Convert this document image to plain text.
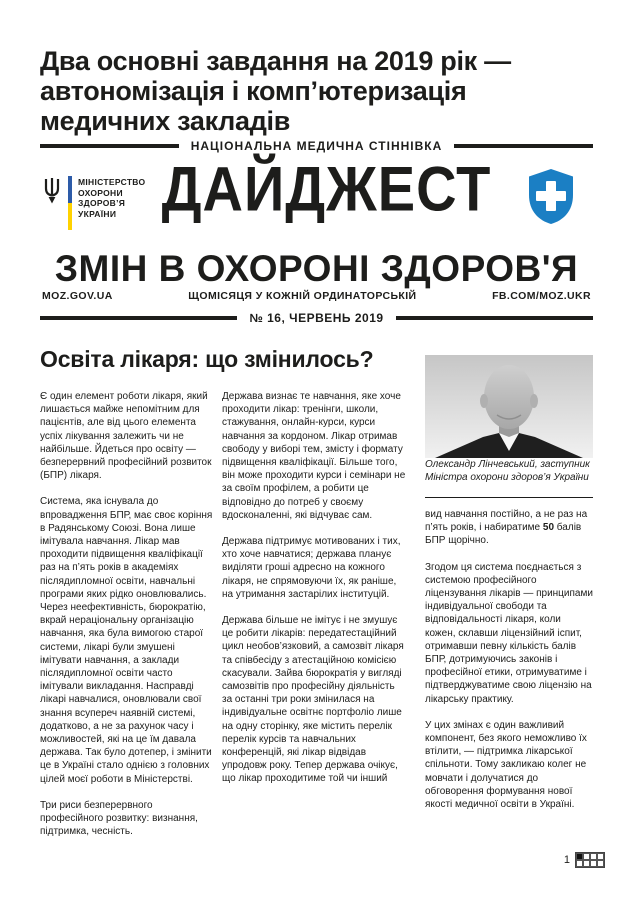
Два основні завдання на 2019 рік — автономізація і комп’ютеризація медичних закладів
НАЦІОНАЛЬНА МЕДИЧНА СТІННІВКА
МІНІСТЕРСТВО
ОХОРОНИ
ЗДОРОВ’Я
УКРАЇНИ ДАЙДЖЕСТ
ЗМІН В ОХОРОНІ ЗДОРОВ'Я
MOZ.GOV.UA	ЩОМІСЯЦЯ У КОЖНІЙ ОРДИНАТОРСЬКІЙ	FB.COM/MOZ.UKR
№ 16, ЧЕРВЕНЬ 2019
Освіта лікаря: що змінилось?

Є один елемент роботи лікаря, який лишається майже непомітним для пацієнтів, але від цього елемента успіх лікування залежить чи не найбільше. Йдеться про освіту — безперервний професійний розвиток (БПР) лікаря.

Система, яка існувала до впровадження БПР, має своє коріння в Радянському Союзі. Вона лише імітувала навчання. Лікар мав проходити підвищення кваліфікації раз на п’ять років в академіях післядипломної освіти, навчальні програми яких рідко оновлювались. Через неефективність, бюрократію, вкрай нераціональну організацію навчання, яка була вимогою старої системи, лікарі були змушені імітувати навчання, а заклади післядипломної освіти часто імітували викладання. Насправді лікарі навчалися, оновлювали свої знання всупереч наявній системі, додатково, а не за рахунок часу і можливостей, які на це їм давала держава. Так було дотепер, і змінити це в Україні стало однією з головних цілей моєї роботи в Міністерстві.

Три риси безперервного професійного розвитку: визнання, підтримка, чесність.

Держава визнає те навчання, яке хоче проходити лікар: тренінги, школи, стажування, онлайн-курси, курси навчання за кордоном. Лікар отримав свободу у виборі тем, змісту і формату підвищення кваліфікації. Більше того, він може проходити курси і семінари не за своїм профілем, а робити це відповідно до потреб у своєму вдосконаленні, які відчуває сам.

Держава підтримує мотивованих і тих, хто хоче навчатися; держава планує виділяти гроші адресно на кожного лікаря, не спрямовуючи їх, як раніше, на утримання застарілих інституцій.

Держава більше не імітує і не змушує це робити лікарів: передатестаційний цикл необов’язковий, а самозвіт лікаря та співбесіду з атестаційною комісією скасували. Зайва бюрократія у вигляді самозвітів про професійну діяльність за останні три роки змінилася на індивідуальне освітнє портфоліо лише на одну сторінку, яке містить перелік перелік курсів та навчальних конференцій, які лікар відвідав упродовж року. Тепер держава очікує, що лікар проходитиме той чи інший

Олександр Лінчевський, заступник Міністра охорони здоров’я України

вид навчання постійно, а не раз на п’ять років, і набиратиме 50 балів БПР щорічно.

Згодом ця система поєднається з системою професійного ліцензування лікарів — принципами індивідуальної свободи та відповідальності лікаря, коли кожен, склавши ліцензійний іспит, отримавши певну кількість балів БПР, дотримуючись законів і професійної етики, отримуватиме і підтверджуватиме свою ліцензію на лікарську практику.

У цих змінах є один важливий компонент, без якого неможливо їх втілити, — підтримка лікарської спільноти. Тому закликаю колег не мовчати і долучатися до обговорення формування нової якості медичної освіти в Україні.

1
